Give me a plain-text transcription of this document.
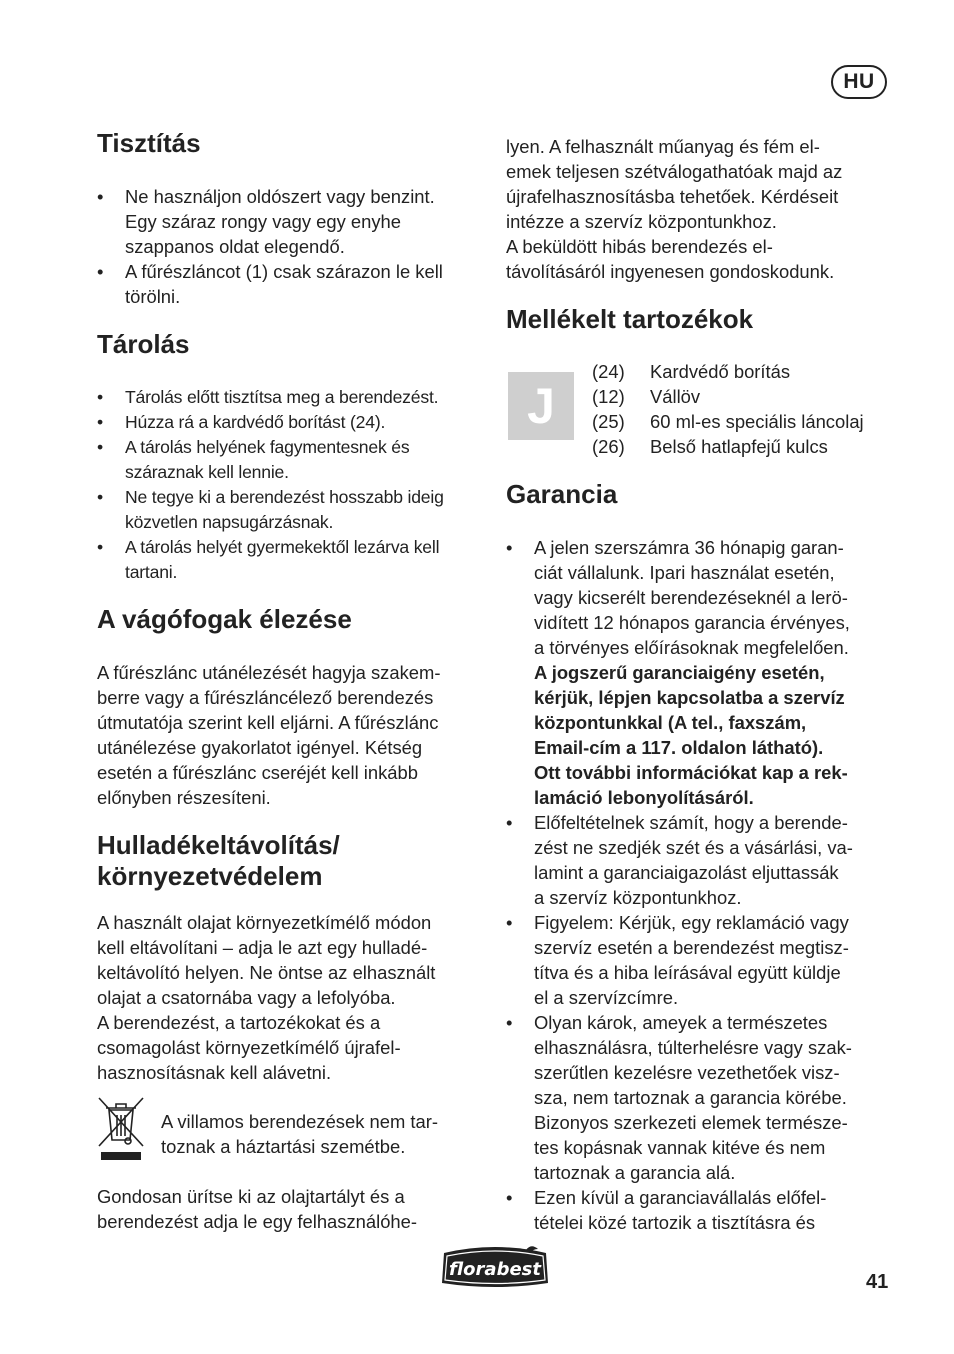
HU
Tisztítás
• Ne használjon oldószert vagy benzint.
Egy száraz rongy vagy egy enyhe
szappanos oldat elegendő.
• A fűrészláncot (1) csak szárazon le kell
törölni.
Tárolás
• Tárolás előtt tisztítsa meg a berendezést.
• Húzza rá a kardvédő borítást (24).
• A tárolás helyének fagymentesnek és
száraznak kell lennie.
• Ne tegye ki a berendezést hosszabb ideig
közvetlen napsugárzásnak.
• A tárolás helyét gyermekektől lezárva kell
tartani.
A vágófogak élezése
A fűrészlánc utánélezését hagyja szakem-
berre vagy a fűrészláncélező berendezés
útmutatója szerint kell eljárni. A fűrészlánc
utánélezése gyakorlatot igényel. Kétség
esetén a fűrészlánc cseréjét kell inkább
előnyben részesíteni.
Hulladékeltávolítás/
környezetvédelem
A használt olajat környezetkímélő módon
kell eltávolítani – adja le azt egy hulladé-
keltávolító helyen. Ne öntse az elhasznált
olajat a csatornába vagy a lefolyóba.
A berendezést, a tartozékokat és a
csomagolást környezetkímélő újrafel-
hasznosításnak kell alávetni.
A villamos berendezések nem tar-
toznak a háztartási szemétbe.
Gondosan ürítse ki az olajtartályt és a
berendezést adja le egy felhasználóhe-
lyen. A felhasznált műanyag és fém el-
emek teljesen szétválogathatóak majd az
újrafelhasznosításba tehetőek. Kérdéseit
intézze a szervíz központunkhoz.
A beküldött hibás berendezés el-
távolításáról ingyenesen gondoskodunk.
Mellékelt tartozékok
J
(24) Kardvédő borítás
(12) Vállöv
(25) 60 ml-es speciális láncolaj
(26) Belső hatlapfejű kulcs
Garancia
• A jelen szerszámra 36 hónapig garan-
ciát vállalunk. Ipari használat esetén,
vagy kicserélt berendezéseknél a lerö-
vidített 12 hónapos garancia érvényes,
a törvényes előírásoknak megfelelően.
A jogszerű garanciaigény esetén,
kérjük, lépjen kapcsolatba a szervíz
központunkkal (A tel., faxszám,
Email-cím a 117. oldalon látható).
Ott további információkat kap a rek-
lamáció lebonyolításáról.
• Előfeltételnek számít, hogy a berende-
zést ne szedjék szét és a vásárlási, va-
lamint a garanciaigazolást eljuttassák
a szervíz központunkhoz.
• Figyelem: Kérjük, egy reklamáció vagy
szervíz esetén a berendezést megtisz-
títva és a hiba leírásával együtt küldje
el a szervízcímre.
• Olyan károk, ameyek a természetes
elhasználásra, túlterhelésre vagy szak-
szerűtlen kezelésre vezethetőek visz-
sza, nem tartoznak a garancia körébe.
Bizonyos szerkezeti elemek természe-
tes kopásnak vannak kitéve és nem
tartoznak a garancia alá.
• Ezen kívül a garanciavállalás előfel-
tételei közé tartozik a tisztításra és
florabest
41
